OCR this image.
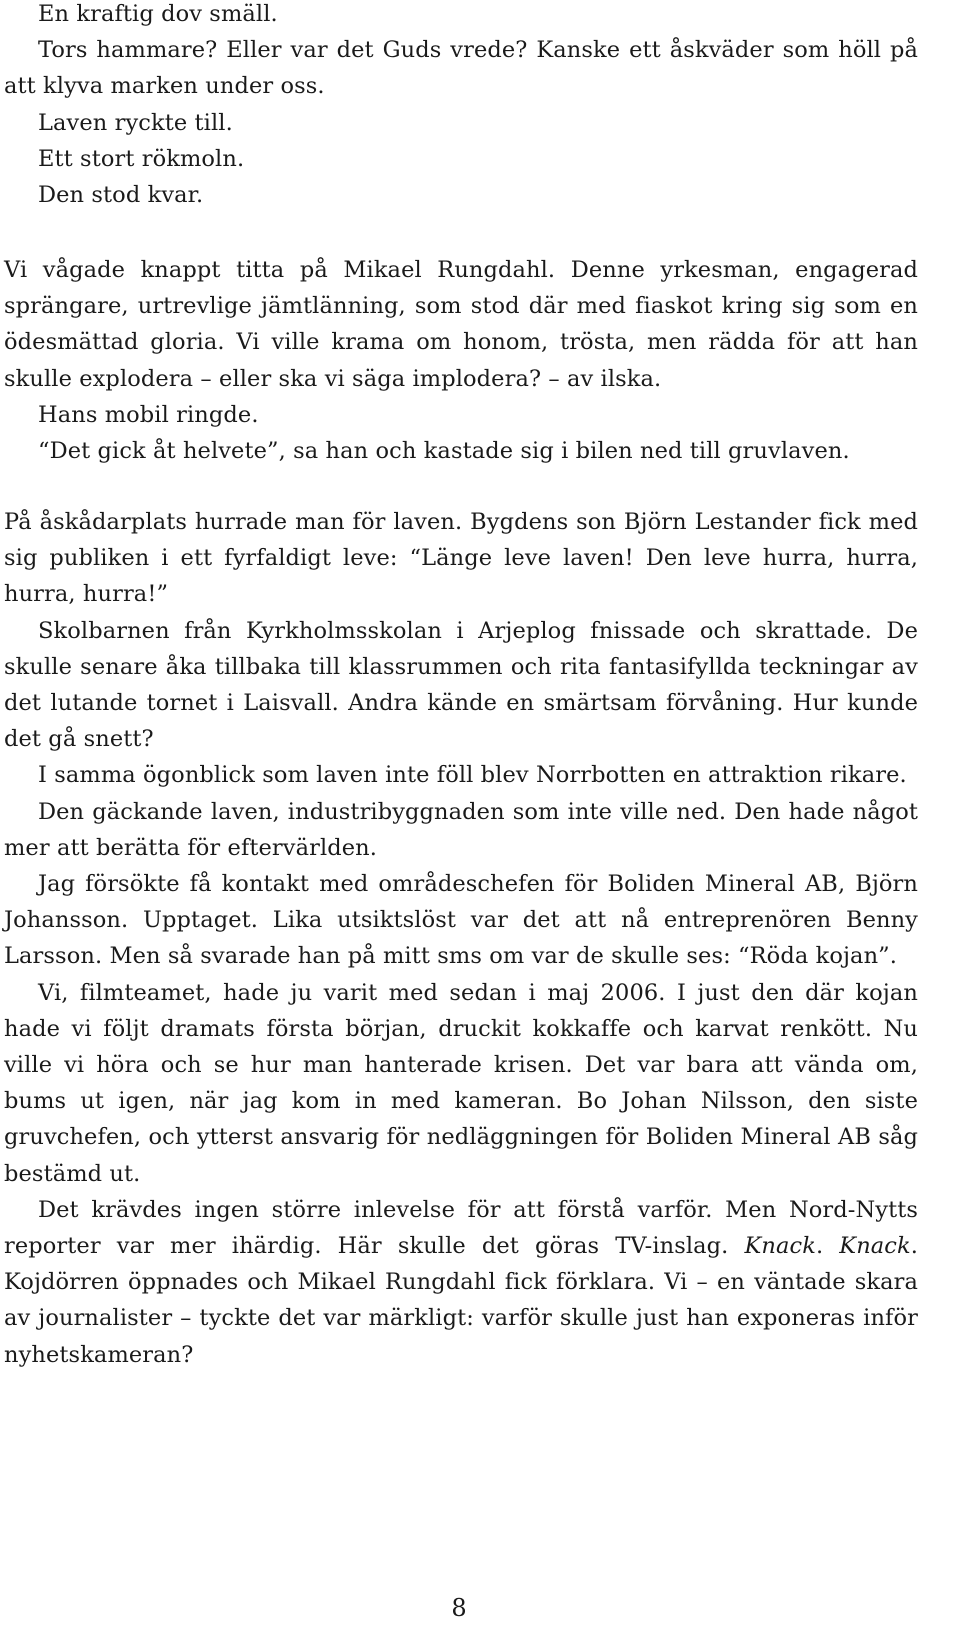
En kraftig dov smäll.

Tors hammare? Eller var det Guds vrede? Kanske ett åskväder som höll på att klyva marken under oss.

Laven ryckte till.

Ett stort rökmoln.

Den stod kvar.

Vi vågade knappt titta på Mikael Rungdahl. Denne yrkesman, engagerad sprängare, urtrevlige jämtlänning, som stod där med fiaskot kring sig som en ödesmättad gloria. Vi ville krama om honom, trösta, men rädda för att han skulle explodera – eller ska vi säga implodera? – av ilska.

Hans mobil ringde.

“Det gick åt helvete”, sa han och kastade sig i bilen ned till gruvlaven.

På åskådarplats hurrade man för laven. Bygdens son Björn Lestander fick med sig publiken i ett fyrfaldigt leve: “Länge leve laven! Den leve hurra, hurra, hurra, hurra!”

Skolbarnen från Kyrkholmsskolan i Arjeplog fnissade och skrattade. De skulle senare åka tillbaka till klassrummen och rita fantasifyllda teckningar av det lutande tornet i Laisvall. Andra kände en smärtsam förvåning. Hur kunde det gå snett?

I samma ögonblick som laven inte föll blev Norrbotten en attraktion rikare.

Den gäckande laven, industribyggnaden som inte ville ned. Den hade något mer att berätta för eftervärlden.

Jag försökte få kontakt med områdeschefen för Boliden Mineral AB, Björn Johansson. Upptaget. Lika utsiktslöst var det att nå entreprenören Benny Larsson. Men så svarade han på mitt sms om var de skulle ses: “Röda kojan”.

Vi, filmteamet, hade ju varit med sedan i maj 2006. I just den där kojan hade vi följt dramats första början, druckit kokkaffe och karvat renkött. Nu ville vi höra och se hur man hanterade krisen. Det var bara att vända om, bums ut igen, när jag kom in med kameran. Bo Johan Nilsson, den siste gruvchefen, och ytterst ansvarig för nedläggningen för Boliden Mineral AB såg bestämd ut.

Det krävdes ingen större inlevelse för att förstå varför. Men Nord-Nytts reporter var mer ihärdig. Här skulle det göras TV-inslag. Knack. Knack. Kojdörren öppnades och Mikael Rungdahl fick förklara. Vi – en väntade skara av journalister – tyckte det var märkligt: varför skulle just han exponeras inför nyhetskameran?

8
